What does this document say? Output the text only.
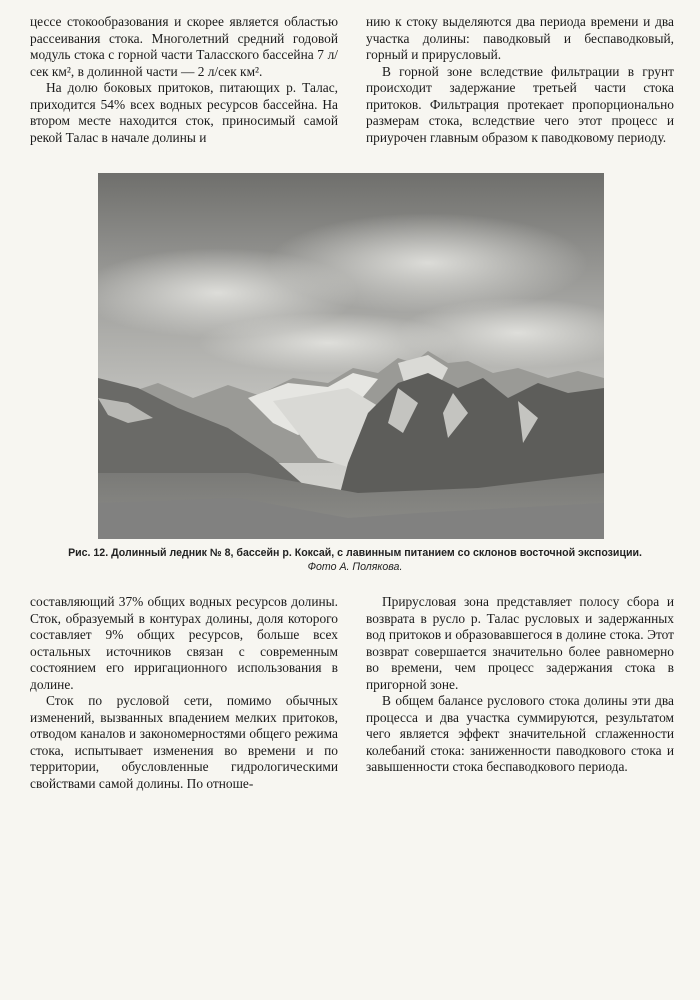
цессе стокообразования и скорее является областью рассеивания стока. Многолетний средний годовой модуль стока с горной части Таласского бассейна 7 л/сек км², в долинной части — 2 л/сек км².

На долю боковых притоков, питающих р. Талас, приходится 54% всех водных ресурсов бассейна. На втором месте находится сток, приносимый самой рекой Талас в начале долины и

нию к стоку выделяются два периода времени и два участка долины: паводковый и беспаводковый, горный и прирусловый.

В горной зоне вследствие фильтрации в грунт происходит задержание третьей части стока притоков. Фильтрация протекает пропорционально размерам стока, вследствие чего этот процесс и приурочен главным образом к паводковому периоду.

Рис. 12. Долинный ледник № 8, бассейн р. Коксай, с лавинным питанием со склонов восточной экспозиции. Фото А. Полякова.

составляющий 37% общих водных ресурсов долины. Сток, образуемый в контурах долины, доля которого составляет 9% общих ресурсов, больше всех остальных источников связан с современным состоянием его ирригационного использования в долине.

Сток по русловой сети, помимо обычных изменений, вызванных впадением мелких притоков, отводом каналов и закономерностями общего режима стока, испытывает изменения во времени и по территории, обусловленные гидрологическими свойствами самой долины. По отноше-

Прирусловая зона представляет полосу сбора и возврата в русло р. Талас русловых и задержанных вод притоков и образовавшегося в долине стока. Этот возврат совершается значительно более равномерно во времени, чем процесс задержания стока в пригорной зоне.

В общем балансе руслового стока долины эти два процесса и два участка суммируются, результатом чего является эффект значительной сглаженности колебаний стока: заниженности паводкового стока и завышенности стока беспаводкового периода.
